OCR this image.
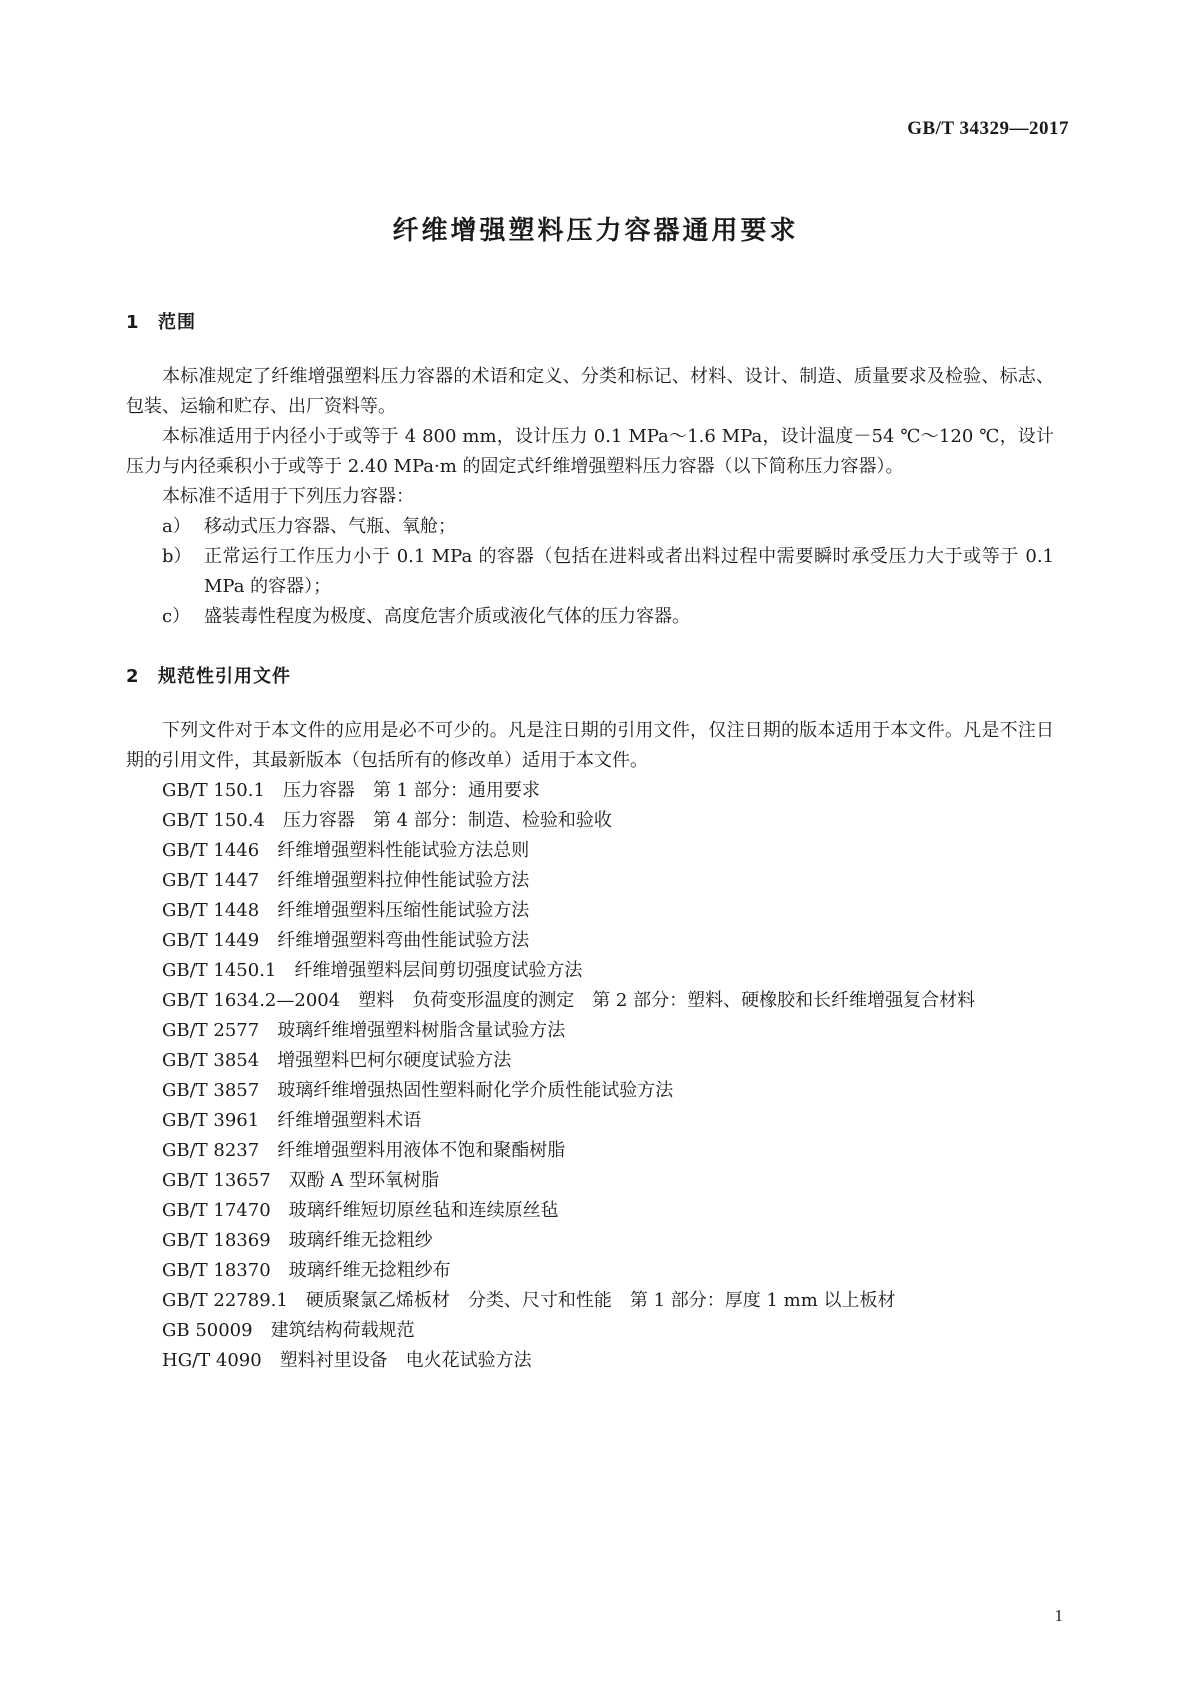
GB/T 34329—2017
纤维增强塑料压力容器通用要求
1 范围

本标准规定了纤维增强塑料压力容器的术语和定义、分类和标记、材料、设计、制造、质量要求及检验、标志、包装、运输和贮存、出厂资料等。

本标准适用于内径小于或等于 4 800 mm，设计压力 0.1 MPa～1.6 MPa，设计温度－54 ℃～120 ℃，设计压力与内径乘积小于或等于 2.40 MPa·m 的固定式纤维增强塑料压力容器（以下简称压力容器）。

本标准不适用于下列压力容器：

a） 移动式压力容器、气瓶、氧舱；
b） 正常运行工作压力小于 0.1 MPa 的容器（包括在进料或者出料过程中需要瞬时承受压力大于或等于 0.1 MPa 的容器）；
c） 盛装毒性程度为极度、高度危害介质或液化气体的压力容器。
2 规范性引用文件

下列文件对于本文件的应用是必不可少的。凡是注日期的引用文件，仅注日期的版本适用于本文件。凡是不注日期的引用文件，其最新版本（包括所有的修改单）适用于本文件。

GB/T 150.1 压力容器　第 1 部分：通用要求
GB/T 150.4 压力容器　第 4 部分：制造、检验和验收
GB/T 1446 纤维增强塑料性能试验方法总则
GB/T 1447 纤维增强塑料拉伸性能试验方法
GB/T 1448 纤维增强塑料压缩性能试验方法
GB/T 1449 纤维增强塑料弯曲性能试验方法
GB/T 1450.1 纤维增强塑料层间剪切强度试验方法

GB/T 1634.2—2004 塑料　负荷变形温度的测定　第 2 部分：塑料、硬橡胶和长纤维增强复合材料

GB/T 2577 玻璃纤维增强塑料树脂含量试验方法
GB/T 3854 增强塑料巴柯尔硬度试验方法
GB/T 3857 玻璃纤维增强热固性塑料耐化学介质性能试验方法
GB/T 3961 纤维增强塑料术语
GB/T 8237 纤维增强塑料用液体不饱和聚酯树脂
GB/T 13657 双酚 A 型环氧树脂
GB/T 17470 玻璃纤维短切原丝毡和连续原丝毡
GB/T 18369 玻璃纤维无捻粗纱
GB/T 18370 玻璃纤维无捻粗纱布
GB/T 22789.1 硬质聚氯乙烯板材　分类、尺寸和性能　第 1 部分：厚度 1 mm 以上板材
GB 50009 建筑结构荷载规范
HG/T 4090 塑料衬里设备　电火花试验方法
1
